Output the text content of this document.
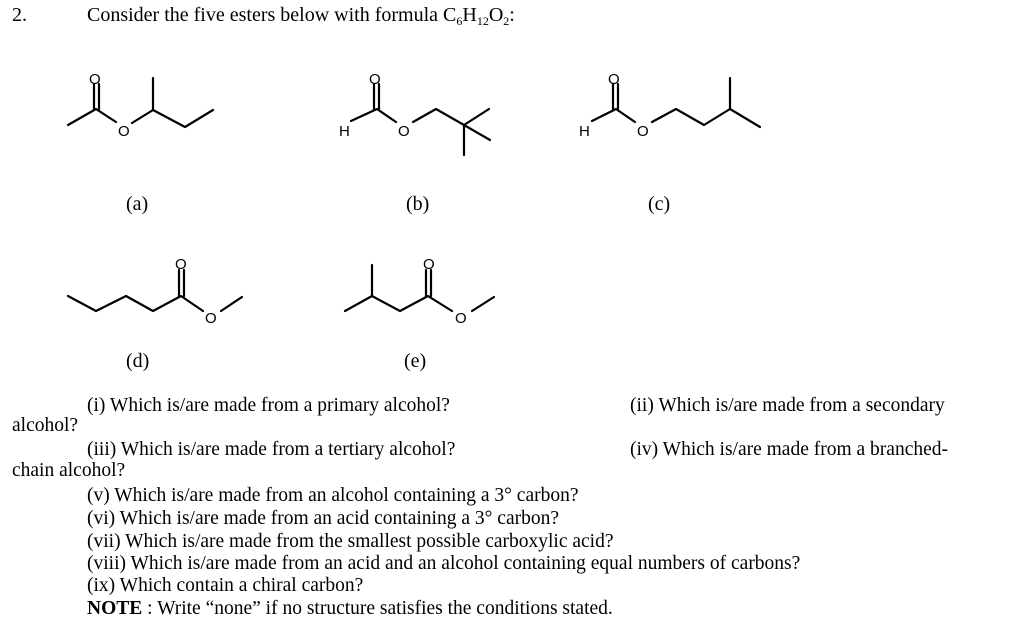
2.	Consider the five esters below with formula $C_6H_{12}O_2$:
O
O
O
H	O
O
H	O
O
O
O
O
(a)	(b)	(c)
(d)	(e)
(i) Which is/are made from a primary alcohol?	(ii) Which is/are made from a secondary
alcohol?
(iii) Which is/are made from a tertiary alcohol?	(iv) Which is/are made from a branched-
chain alcohol?
(v) Which is/are made from an alcohol containing a 3° carbon?
(vi) Which is/are made from an acid containing a 3° carbon?
(vii) Which is/are made from the smallest possible carboxylic acid?
(viii) Which is/are made from an acid and an alcohol containing equal numbers of carbons?
(ix) Which contain a chiral carbon?
NOTE : Write “none” if no structure satisfies the conditions stated.
